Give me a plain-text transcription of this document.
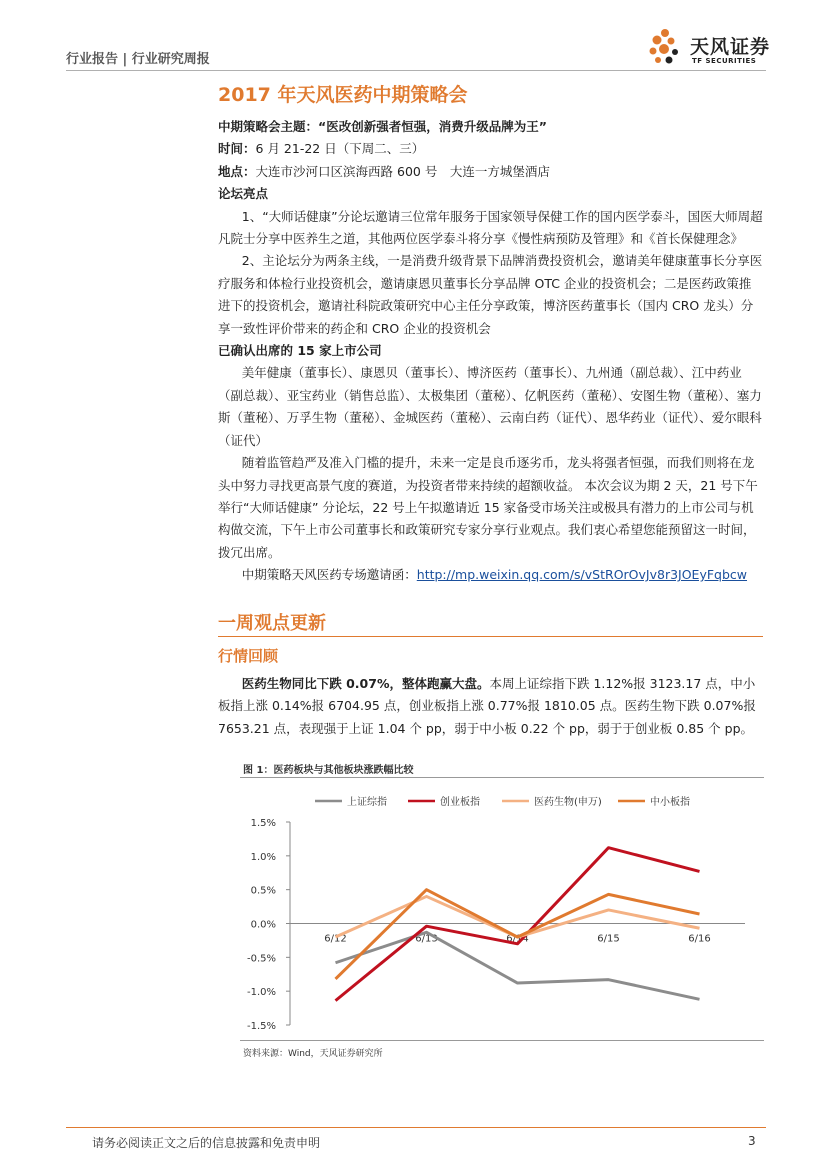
行业报告 | 行业研究周报
天风证券
TF SECURITIES
2017 年天风医药中期策略会

中期策略会主题：“医改创新强者恒强，消费升级品牌为王”

时间：6 月 21-22 日（下周二、三）

地点：大连市沙河口区滨海西路 600 号　大连一方城堡酒店

论坛亮点

1、“大师话健康”分论坛邀请三位常年服务于国家领导保健工作的国内医学泰斗，国医大师周超凡院士分享中医养生之道，其他两位医学泰斗将分享《慢性病预防及管理》和《首长保健理念》

2、主论坛分为两条主线，一是消费升级背景下品牌消费投资机会，邀请美年健康董事长分享医疗服务和体检行业投资机会，邀请康恩贝董事长分享品牌 OTC 企业的投资机会；二是医药政策推进下的投资机会，邀请社科院政策研究中心主任分享政策，博济医药董事长（国内 CRO 龙头）分享一致性评价带来的药企和 CRO 企业的投资机会

已确认出席的 15 家上市公司

美年健康（董事长）、康恩贝（董事长）、博济医药（董事长）、九州通（副总裁）、江中药业（副总裁）、亚宝药业（销售总监）、太极集团（董秘）、亿帆医药（董秘）、安图生物（董秘）、塞力斯（董秘）、万孚生物（董秘）、金城医药（董秘）、云南白药（证代）、恩华药业（证代）、爱尔眼科（证代）

随着监管趋严及准入门槛的提升，未来一定是良币逐劣币，龙头将强者恒强，而我们则将在龙头中努力寻找更高景气度的赛道，为投资者带来持续的超额收益。 本次会议为期 2 天，21 号下午举行“大师话健康” 分论坛，22 号上午拟邀请近 15 家备受市场关注或极具有潜力的上市公司与机构做交流，下午上市公司董事长和政策研究专家分享行业观点。我们衷心希望您能预留这一时间，拨冗出席。

中期策略天风医药专场邀请函：http://mp.weixin.qq.com/s/vStROrOvJv8r3JOEyFqbcw

一周观点更新
行情回顾

医药生物同比下跌 0.07%，整体跑赢大盘。本周上证综指下跌 1.12%报 3123.17 点，中小板指上涨 0.14%报 6704.95 点，创业板指上涨 0.77%报 1810.05 点。医药生物下跌 0.07%报 7653.21 点，表现强于上证 1.04 个 pp，弱于中小板 0.22 个 pp，弱于于创业板 0.85 个 pp。

图 1：医药板块与其他板块涨跌幅比较
上证综指	创业板指	医药生物(申万)	中小板指
1.5%
1.0%
0.5%
0.0%
-0.5%
-1.0%
-1.5%
6/12	6/13	6/14	6/15	6/16
资料来源：Wind，天风证券研究所
请务必阅读正文之后的信息披露和免责申明	3
